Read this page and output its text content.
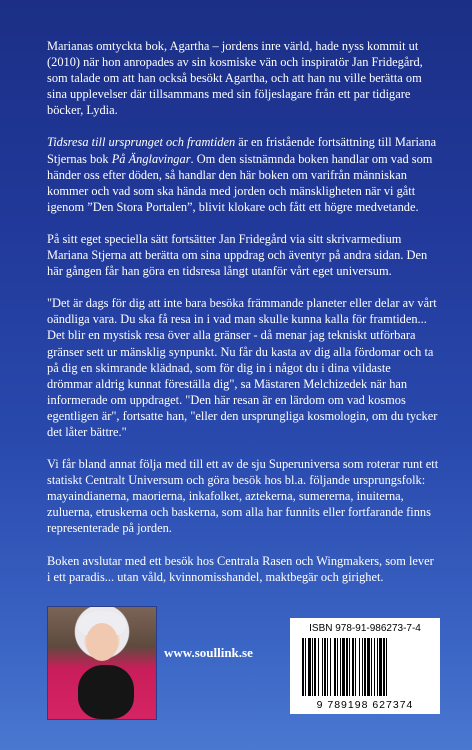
Marianas omtyckta bok, Agartha – jordens inre värld, hade nyss kommit ut (2010) när hon anropades av sin kosmiske vän och inspiratör Jan Fridegård, som talade om att han också besökt Agartha, och att han nu ville berätta om sina upplevelser där tillsammans med sin följeslagare från ett par tidigare böcker, Lydia.

Tidsresa till ursprunget och framtiden är en fristående fortsättning till Mariana Stjernas bok På Änglavingar. Om den sistnämnda boken handlar om vad som händer oss efter döden, så handlar den här boken om varifrån människan kommer och vad som ska hända med jorden och mänskligheten när vi gått igenom ”Den Stora Portalen”, blivit klokare och fått ett högre medvetande.

På sitt eget speciella sätt fortsätter Jan Fridegård via sitt skrivarmedium Mariana Stjerna att berätta om sina uppdrag och äventyr på andra sidan. Den här gången får han göra en tidsresa långt utanför vårt eget universum.

"Det är dags för dig att inte bara besöka främmande planeter eller delar av vårt oändliga vara. Du ska få resa in i vad man skulle kunna kalla för framtiden... Det blir en mystisk resa över alla gränser - då menar jag tekniskt utförbara gränser sett ur mänsklig synpunkt. Nu får du kasta av dig alla fördomar och ta på dig en skimrande klädnad, som för dig in i något du i dina vildaste drömmar aldrig kunnat föreställa dig", sa Mästaren Melchizedek när han informerade om uppdraget. "Den här resan är en lärdom om vad kosmos egentligen är", fortsatte han, "eller den ursprungliga kosmologin, om du tycker det låter bättre."

Vi får bland annat följa med till ett av de sju Superuniversa som roterar runt ett statiskt Centralt Universum och göra besök hos bl.a. följande ursprungsfolk: mayaindianerna, maorierna, inkafolket, aztekerna, sumererna, inuiterna, zuluerna, etruskerna och baskerna, som alla har funnits eller fortfarande finns representerade på jorden.

Boken avslutar med ett besök hos Centrala Rasen och Wingmakers, som lever i ett paradis... utan våld, kvinnomisshandel, maktbegär och girighet.

www.soullink.se
ISBN 978-91-986273-7-4
9 789198 627374
